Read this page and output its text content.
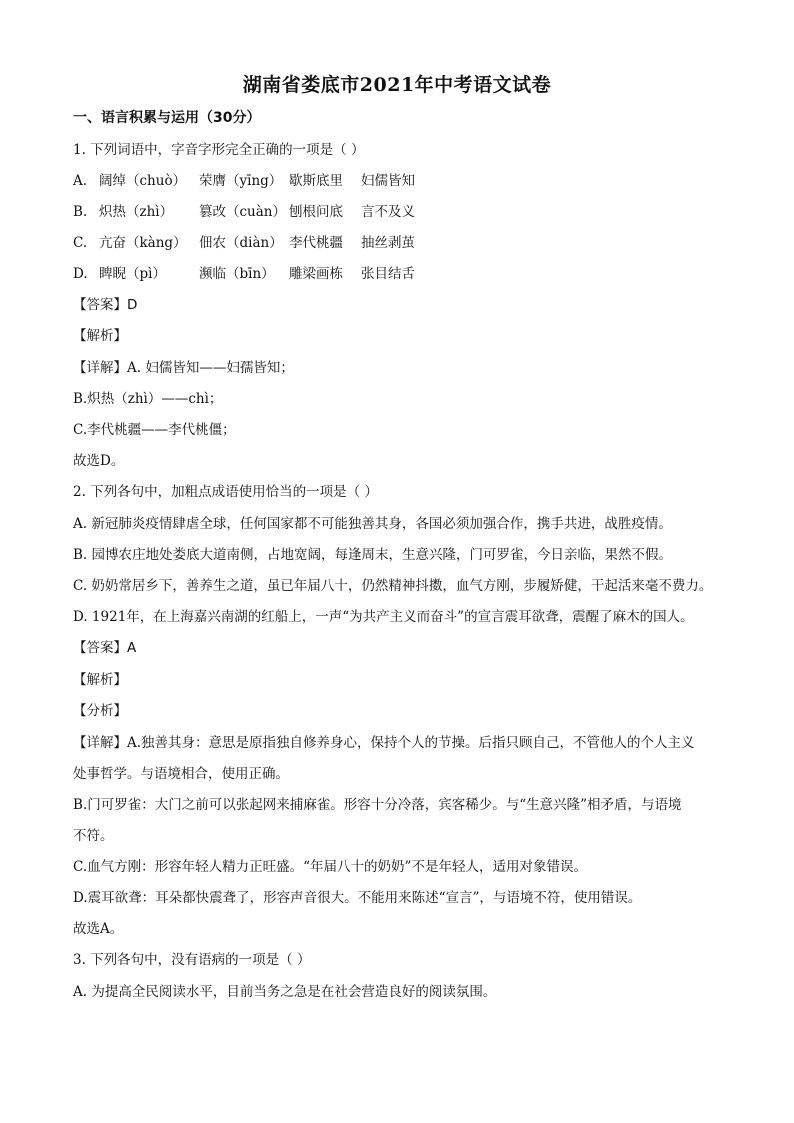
湖南省娄底市2021年中考语文试卷
一、语言积累与运用（30分）
1. 下列词语中，字音字形完全正确的一项是（ ）
A. 阔绰（chuò） 荣膺（yīng） 歇斯底里 妇儒皆知
B. 炽热（zhì） 篡改（cuàn） 刨根问底 言不及义
C. 亢奋（kàng） 佃农（diàn） 李代桃疆 抽丝剥茧
D. 睥睨（pì） 濒临（bīn） 雕梁画栋 张目结舌
【答案】D
【解析】
【详解】A. 妇儒皆知——妇孺皆知；
B.炽热（zhì）——chì；
C.李代桃疆——李代桃僵；
故选D。
2. 下列各句中，加粗点成语使用恰当的一项是（ ）
A. 新冠肺炎疫情肆虐全球，任何国家都不可能独善其身，各国必须加强合作，携手共进，战胜疫情。
B. 园博农庄地处娄底大道南侧，占地宽阔，每逢周末，生意兴隆，门可罗雀，今日亲临，果然不假。
C. 奶奶常居乡下，善养生之道，虽已年届八十，仍然精神抖擞，血气方刚，步履矫健，干起活来毫不费力。
D. 1921年，在上海嘉兴南湖的红船上，一声“为共产主义而奋斗”的宣言震耳欲聋，震醒了麻木的国人。
【答案】A
【解析】
【分析】
【详解】A.独善其身：意思是原指独自修养身心，保持个人的节操。后指只顾自己，不管他人的个人主义
处事哲学。与语境相合，使用正确。
B.门可罗雀：大门之前可以张起网来捕麻雀。形容十分冷落，宾客稀少。与“生意兴隆”相矛盾，与语境
不符。
C.血气方刚：形容年轻人精力正旺盛。“年届八十的奶奶”不是年轻人，适用对象错误。
D.震耳欲聋：耳朵都快震聋了，形容声音很大。不能用来陈述“宣言”，与语境不符，使用错误。
故选A。
3. 下列各句中，没有语病的一项是（ ）
A. 为提高全民阅读水平，目前当务之急是在社会营造良好的阅读氛围。
